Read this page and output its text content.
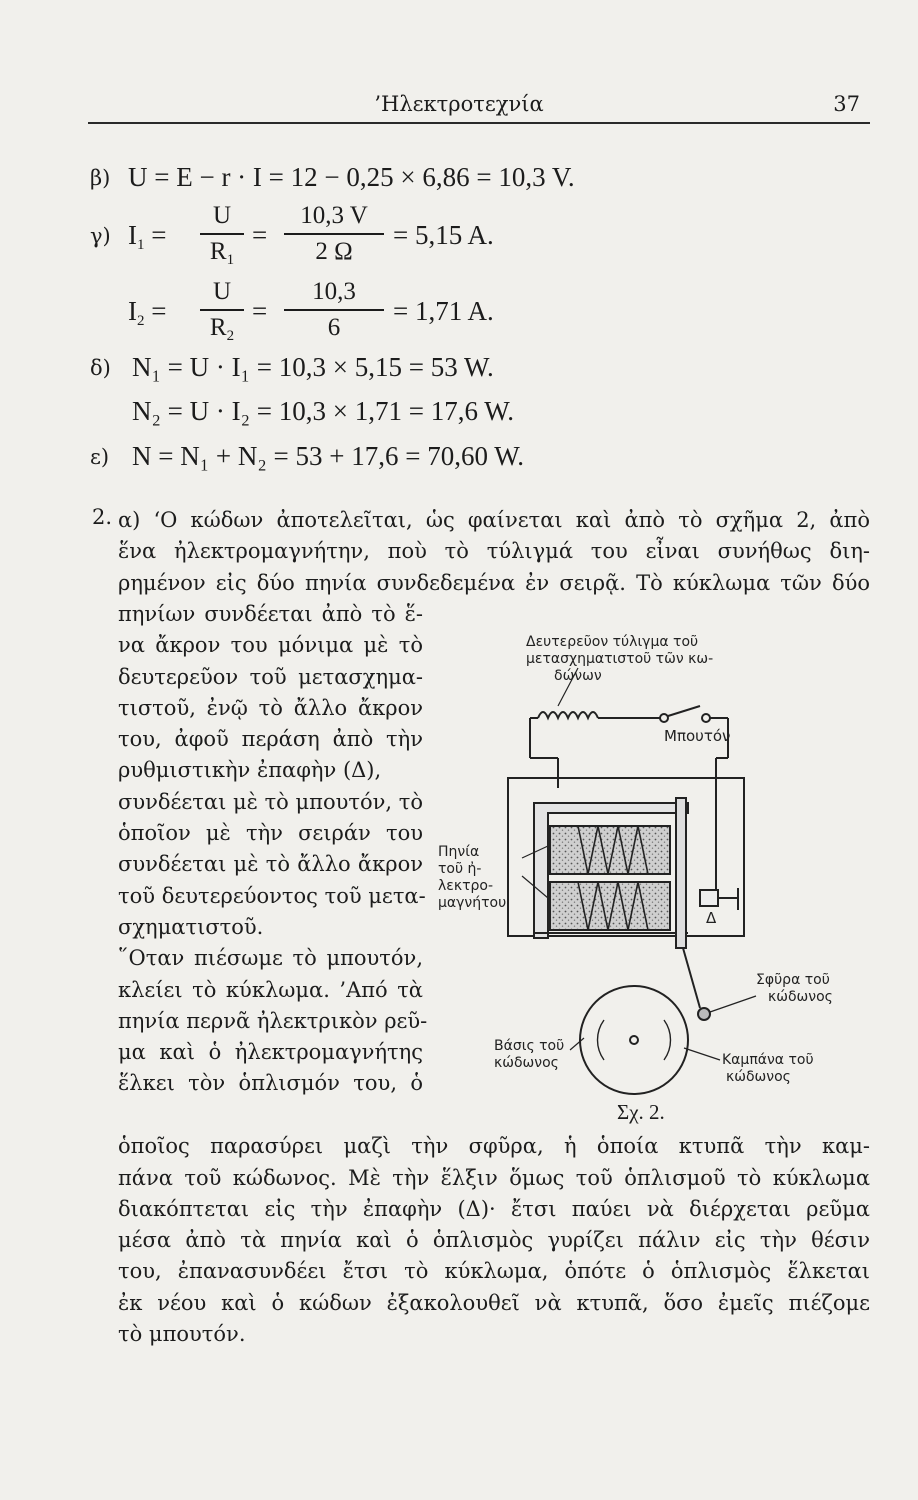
’Ηλεκτροτεχνία	37
β) U = E − r · I = 12 − 0,25 × 6,86 = 10,3 V.
γ) $I_1$ =
U
$R_1$
=
10,3 V
2 Ω
= 5,15 A.
$I_2$ =
U
$R_2$
=
10,3
6
= 1,71 A.
δ) N₁ = U · I₁ = 10,3 × 5,15 = 53 W.
N₂ = U · I₂ = 10,3 × 1,71 = 17,6 W.
ε) N = N₁ + N₂ = 53 + 17,6 = 70,60 W.
2. α) ‘Ο κώδων ἀποτελεῖται, ὡς φαίνεται καὶ ἀπὸ τὸ σχῆμα 2, ἀπὸ
ἕνα ἠλεκτρομαγνήτην, ποὺ τὸ τύλιγμά του εἶναι συνήθως διη-
ρημένον εἰς δύο πηνία συνδεδεμένα ἐν σειρᾷ. Τὸ κύκλωμα τῶν δύο
πηνίων συνδέεται ἀπὸ τὸ ἕ-
να ἄκρον του μόνιμα μὲ τὸ
δευτερεῦον τοῦ μετασχημα-
τιστοῦ, ἐνῷ τὸ ἄλλο ἄκρον
του, ἀφοῦ περάση ἀπὸ τὴν
ρυθμιστικὴν ἐπαφὴν (Δ),
συνδέεται μὲ τὸ μπουτόν, τὸ
ὁποῖον μὲ τὴν σειράν του
συνδέεται μὲ τὸ ἄλλο ἄκρον
τοῦ δευτερεύοντος τοῦ μετα-
σχηματιστοῦ.
῞Οταν πιέσωμε τὸ μπουτόν,
κλείει τὸ κύκλωμα. ’Από τὰ
πηνία περνᾶ ἠλεκτρικὸν ρεῦ-
μα καὶ ὁ ἠλεκτρομαγνήτης
ἕλκει τὸν ὁπλισμόν του, ὁ
ὁποῖος παρασύρει μαζὶ τὴν σφῦρα, ἡ ὁποία κτυπᾶ τὴν καμ-
πάνα τοῦ κώδωνος. Μὲ τὴν ἕλξιν ὅμως τοῦ ὁπλισμοῦ τὸ κύκλωμα
διακόπτεται εἰς τὴν ἐπαφὴν (Δ)· ἔτσι παύει νὰ διέρχεται ρεῦμα
μέσα ἀπὸ τὰ πηνία καὶ ὁ ὁπλισμὸς γυρίζει πάλιν εἰς τὴν θέσιν
του, ἐπανασυνδέει ἔτσι τὸ κύκλωμα, ὁπότε ὁ ὁπλισμὸς ἕλκεται
ἐκ νέου καὶ ὁ κώδων ἐξακολουθεῖ νὰ κτυπᾶ, ὅσο ἐμεῖς πιέζομε
τὸ μπουτόν.
Δευτερεῦον τύλιγμα τοῦ
μετασχηματιστοῦ τῶν κω-
δώνων
Μπουτόν
Πηνία
τοῦ ἠ-
λεκτρο-
μαγνήτου
Δ
Σφῦρα τοῦ
κώδωνος
Βάσις τοῦ
κώδωνος	Καμπάνα τοῦ
κώδωνος
Σχ. 2.
